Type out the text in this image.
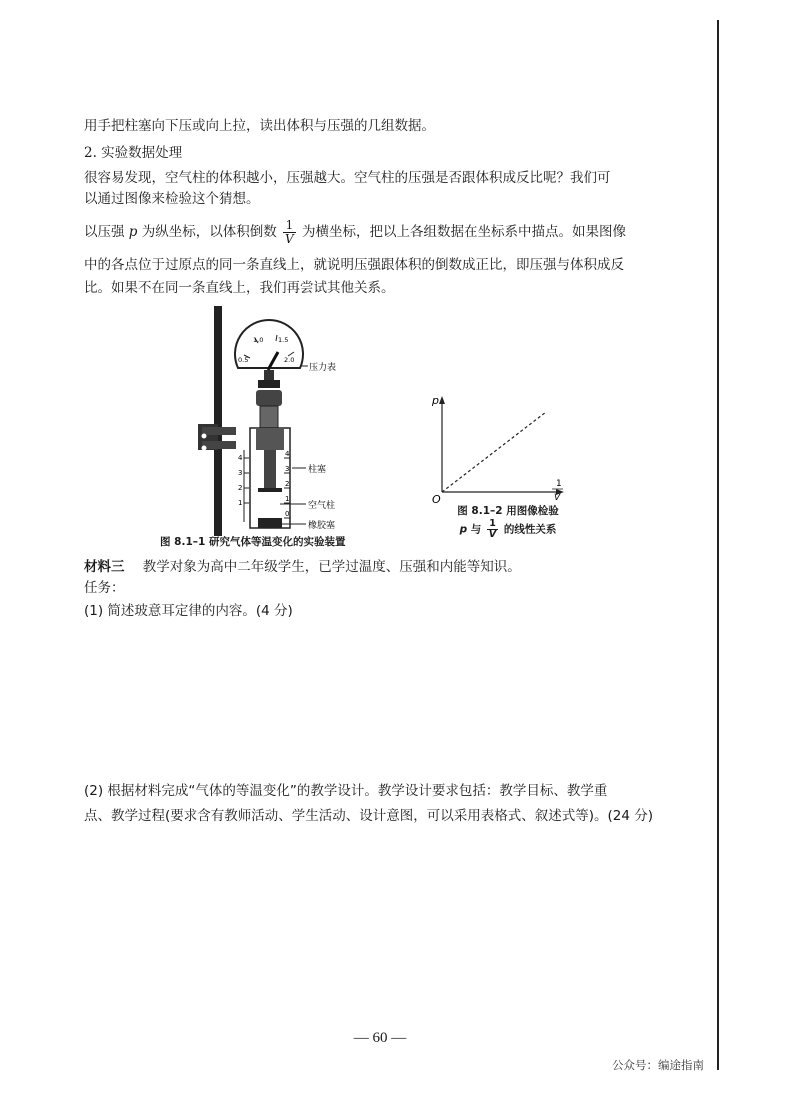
用手把柱塞向下压或向上拉，读出体积与压强的几组数据。
2. 实验数据处理
很容易发现，空气柱的体积越小，压强越大。空气柱的压强是否跟体积成反比呢？我们可
以通过图像来检验这个猜想。
以压强 p 为纵坐标，以体积倒数 $\frac{1}{V}$ 为横坐标，把以上各组数据在坐标系中描点。如果图像
中的各点位于过原点的同一条直线上，就说明压强跟体积的倒数成正比，即压强与体积成反
比。如果不在同一条直线上，我们再尝试其他关系。
0.5
1.0 1.5
2.0
压力表
4
3
2
1
4
3
2
1
0
柱塞
空气柱
橡胶塞
图 8.1–1 研究气体等温变化的实验装置
p
O
1
V
图 8.1–2 用图像检验
p 与 $\frac{1}{V}$ 的线性关系
材料三 教学对象为高中二年级学生，已学过温度、压强和内能等知识。
任务：
(1) 简述玻意耳定律的内容。(4 分)
(2) 根据材料完成“气体的等温变化”的教学设计。教学设计要求包括：教学目标、教学重
点、教学过程(要求含有教师活动、学生活动、设计意图，可以采用表格式、叙述式等)。(24 分)
— 60 —
公众号：编途指南
